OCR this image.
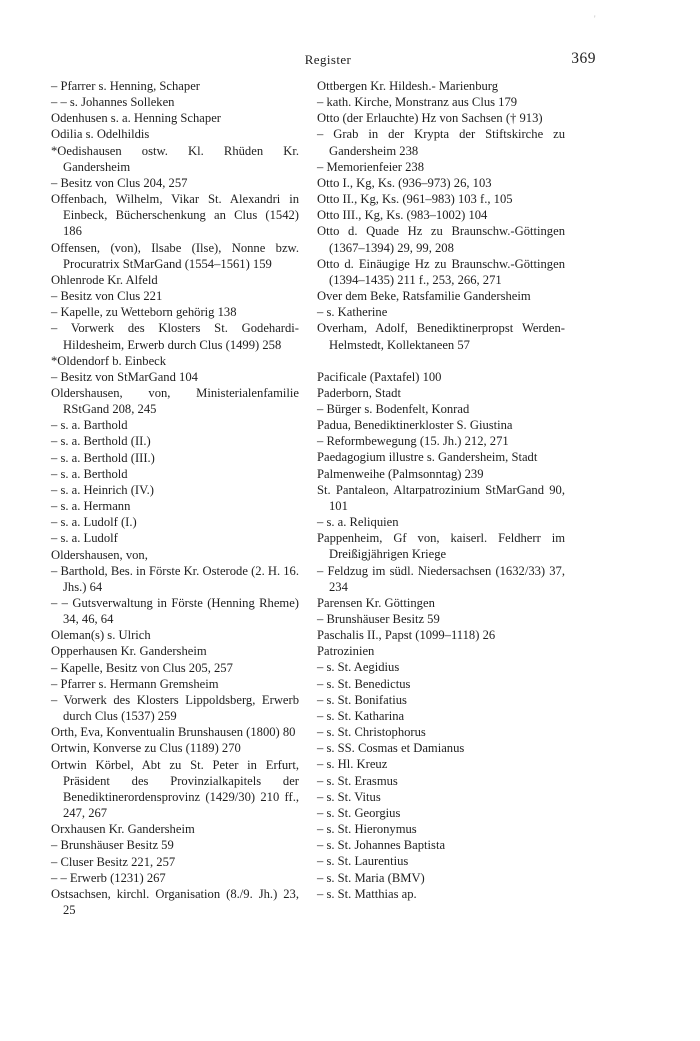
'
Register	369
– Pfarrer s. Henning, Schaper
– – s. Johannes Solleken
Odenhusen s. a. Henning Schaper
Odilia s. Odelhildis
*Oedishausen ostw. Kl. Rhüden Kr. Gandersheim
– Besitz von Clus 204, 257
Offenbach, Wilhelm, Vikar St. Alexandri in Einbeck, Bücherschenkung an Clus (1542) 186
Offensen, (von), Ilsabe (Ilse), Nonne bzw. Procuratrix StMarGand (1554–1561) 159
Ohlenrode Kr. Alfeld
– Besitz von Clus 221
– Kapelle, zu Wetteborn gehörig 138
– Vorwerk des Klosters St. Godehardi-Hildesheim, Erwerb durch Clus (1499) 258
*Oldendorf b. Einbeck
– Besitz von StMarGand 104
Oldershausen, von, Ministerialenfamilie RStGand 208, 245
– s. a. Barthold
– s. a. Berthold (II.)
– s. a. Berthold (III.)
– s. a. Berthold
– s. a. Heinrich (IV.)
– s. a. Hermann
– s. a. Ludolf (I.)
– s. a. Ludolf
Oldershausen, von,
– Barthold, Bes. in Förste Kr. Osterode (2. H. 16. Jhs.) 64
– – Gutsverwaltung in Förste (Henning Rheme) 34, 46, 64
Oleman(s) s. Ulrich
Opperhausen Kr. Gandersheim
– Kapelle, Besitz von Clus 205, 257
– Pfarrer s. Hermann Gremsheim
– Vorwerk des Klosters Lippoldsberg, Erwerb durch Clus (1537) 259
Orth, Eva, Konventualin Brunshausen (1800) 80
Ortwin, Konverse zu Clus (1189) 270
Ortwin Körbel, Abt zu St. Peter in Erfurt, Präsident des Provinzialkapitels der Benediktinerordensprovinz (1429/30) 210 ff., 247, 267
Orxhausen Kr. Gandersheim
– Brunshäuser Besitz 59
– Cluser Besitz 221, 257
– – Erwerb (1231) 267
Ostsachsen, kirchl. Organisation (8./9. Jh.) 23, 25
Ottbergen Kr. Hildesh.- Marienburg
– kath. Kirche, Monstranz aus Clus 179
Otto (der Erlauchte) Hz von Sachsen († 913)
– Grab in der Krypta der Stiftskirche zu Gandersheim 238
– Memorienfeier 238
Otto I., Kg, Ks. (936–973) 26, 103
Otto II., Kg, Ks. (961–983) 103 f., 105
Otto III., Kg, Ks. (983–1002) 104
Otto d. Quade Hz zu Braunschw.-Göttingen (1367–1394) 29, 99, 208
Otto d. Einäugige Hz zu Braunschw.-Göttingen (1394–1435) 211 f., 253, 266, 271
Over dem Beke, Ratsfamilie Gandersheim
– s. Katherine
Overham, Adolf, Benediktinerpropst Werden-Helmstedt, Kollektaneen 57
Pacificale (Paxtafel) 100
Paderborn, Stadt
– Bürger s. Bodenfelt, Konrad
Padua, Benediktinerkloster S. Giustina
– Reformbewegung (15. Jh.) 212, 271
Paedagogium illustre s. Gandersheim, Stadt
Palmenweihe (Palmsonntag) 239
St. Pantaleon, Altarpatrozinium StMarGand 90, 101
– s. a. Reliquien
Pappenheim, Gf von, kaiserl. Feldherr im Dreißigjährigen Kriege
– Feldzug im südl. Niedersachsen (1632/33) 37, 234
Parensen Kr. Göttingen
– Brunshäuser Besitz 59
Paschalis II., Papst (1099–1118) 26
Patrozinien
– s. St. Aegidius
– s. St. Benedictus
– s. St. Bonifatius
– s. St. Katharina
– s. St. Christophorus
– s. SS. Cosmas et Damianus
– s. Hl. Kreuz
– s. St. Erasmus
– s. St. Vitus
– s. St. Georgius
– s. St. Hieronymus
– s. St. Johannes Baptista
– s. St. Laurentius
– s. St. Maria (BMV)
– s. St. Matthias ap.
